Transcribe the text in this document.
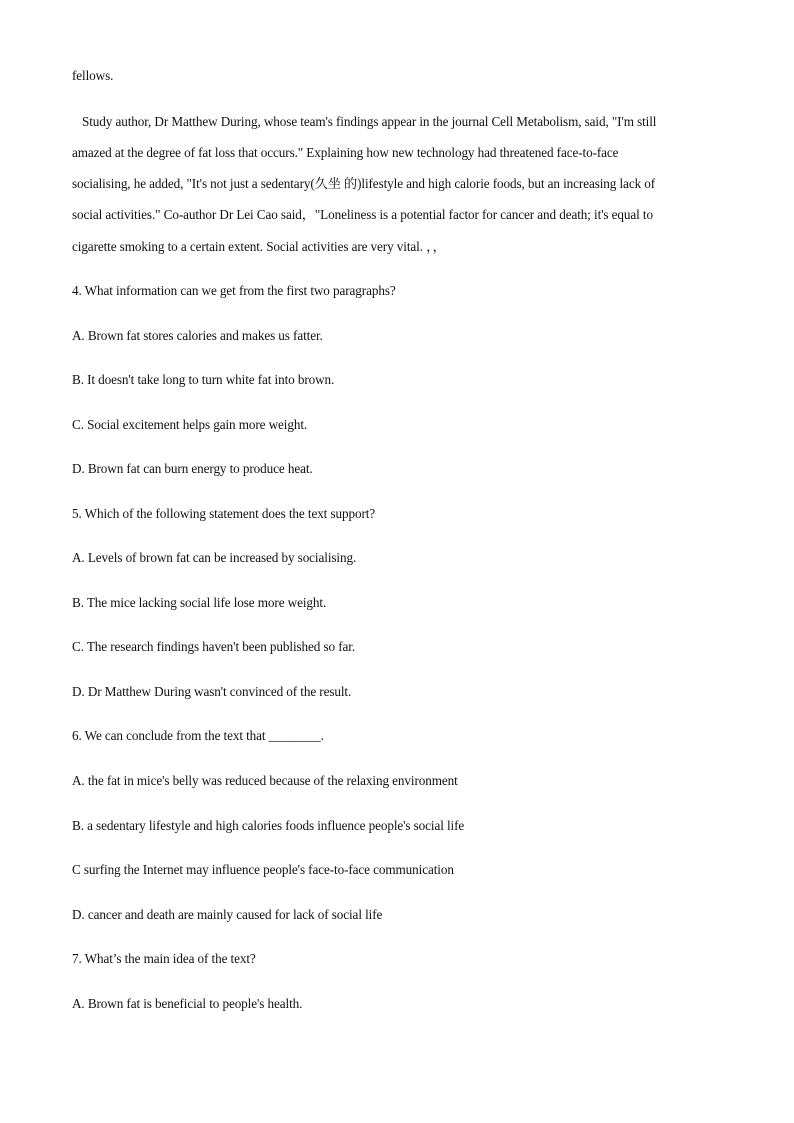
fellows.
Study author, Dr Matthew During, whose team's findings appear in the journal Cell Metabolism, said, "I'm still
amazed at the degree of fat loss that occurs." Explaining how new technology had threatened face-to-face
socialising, he added, "It's not just a sedentary(久坐 的)lifestyle and high calorie foods, but an increasing lack of
social activities." Co-author Dr Lei Cao said，"Loneliness is a potential factor for cancer and death; it's equal to
cigarette smoking to a certain extent. Social activities are very vital. ，，
4. What information can we get from the first two paragraphs?
A. Brown fat stores calories and makes us fatter.
B. It doesn't take long to turn white fat into brown.
C. Social excitement helps gain more weight.
D. Brown fat can burn energy to produce heat.
5. Which of the following statement does the text support?
A. Levels of brown fat can be increased by socialising.
B. The mice lacking social life lose more weight.
C. The research findings haven't been published so far.
D. Dr Matthew During wasn't convinced of the result.
6. We can conclude from the text that ________.
A. the fat in mice's belly was reduced because of the relaxing environment
B. a sedentary lifestyle and high calories foods influence people's social life
C surfing the Internet may influence people's face-to-face communication
D. cancer and death are mainly caused for lack of social life
7. What’s the main idea of the text?
A. Brown fat is beneficial to people's health.
